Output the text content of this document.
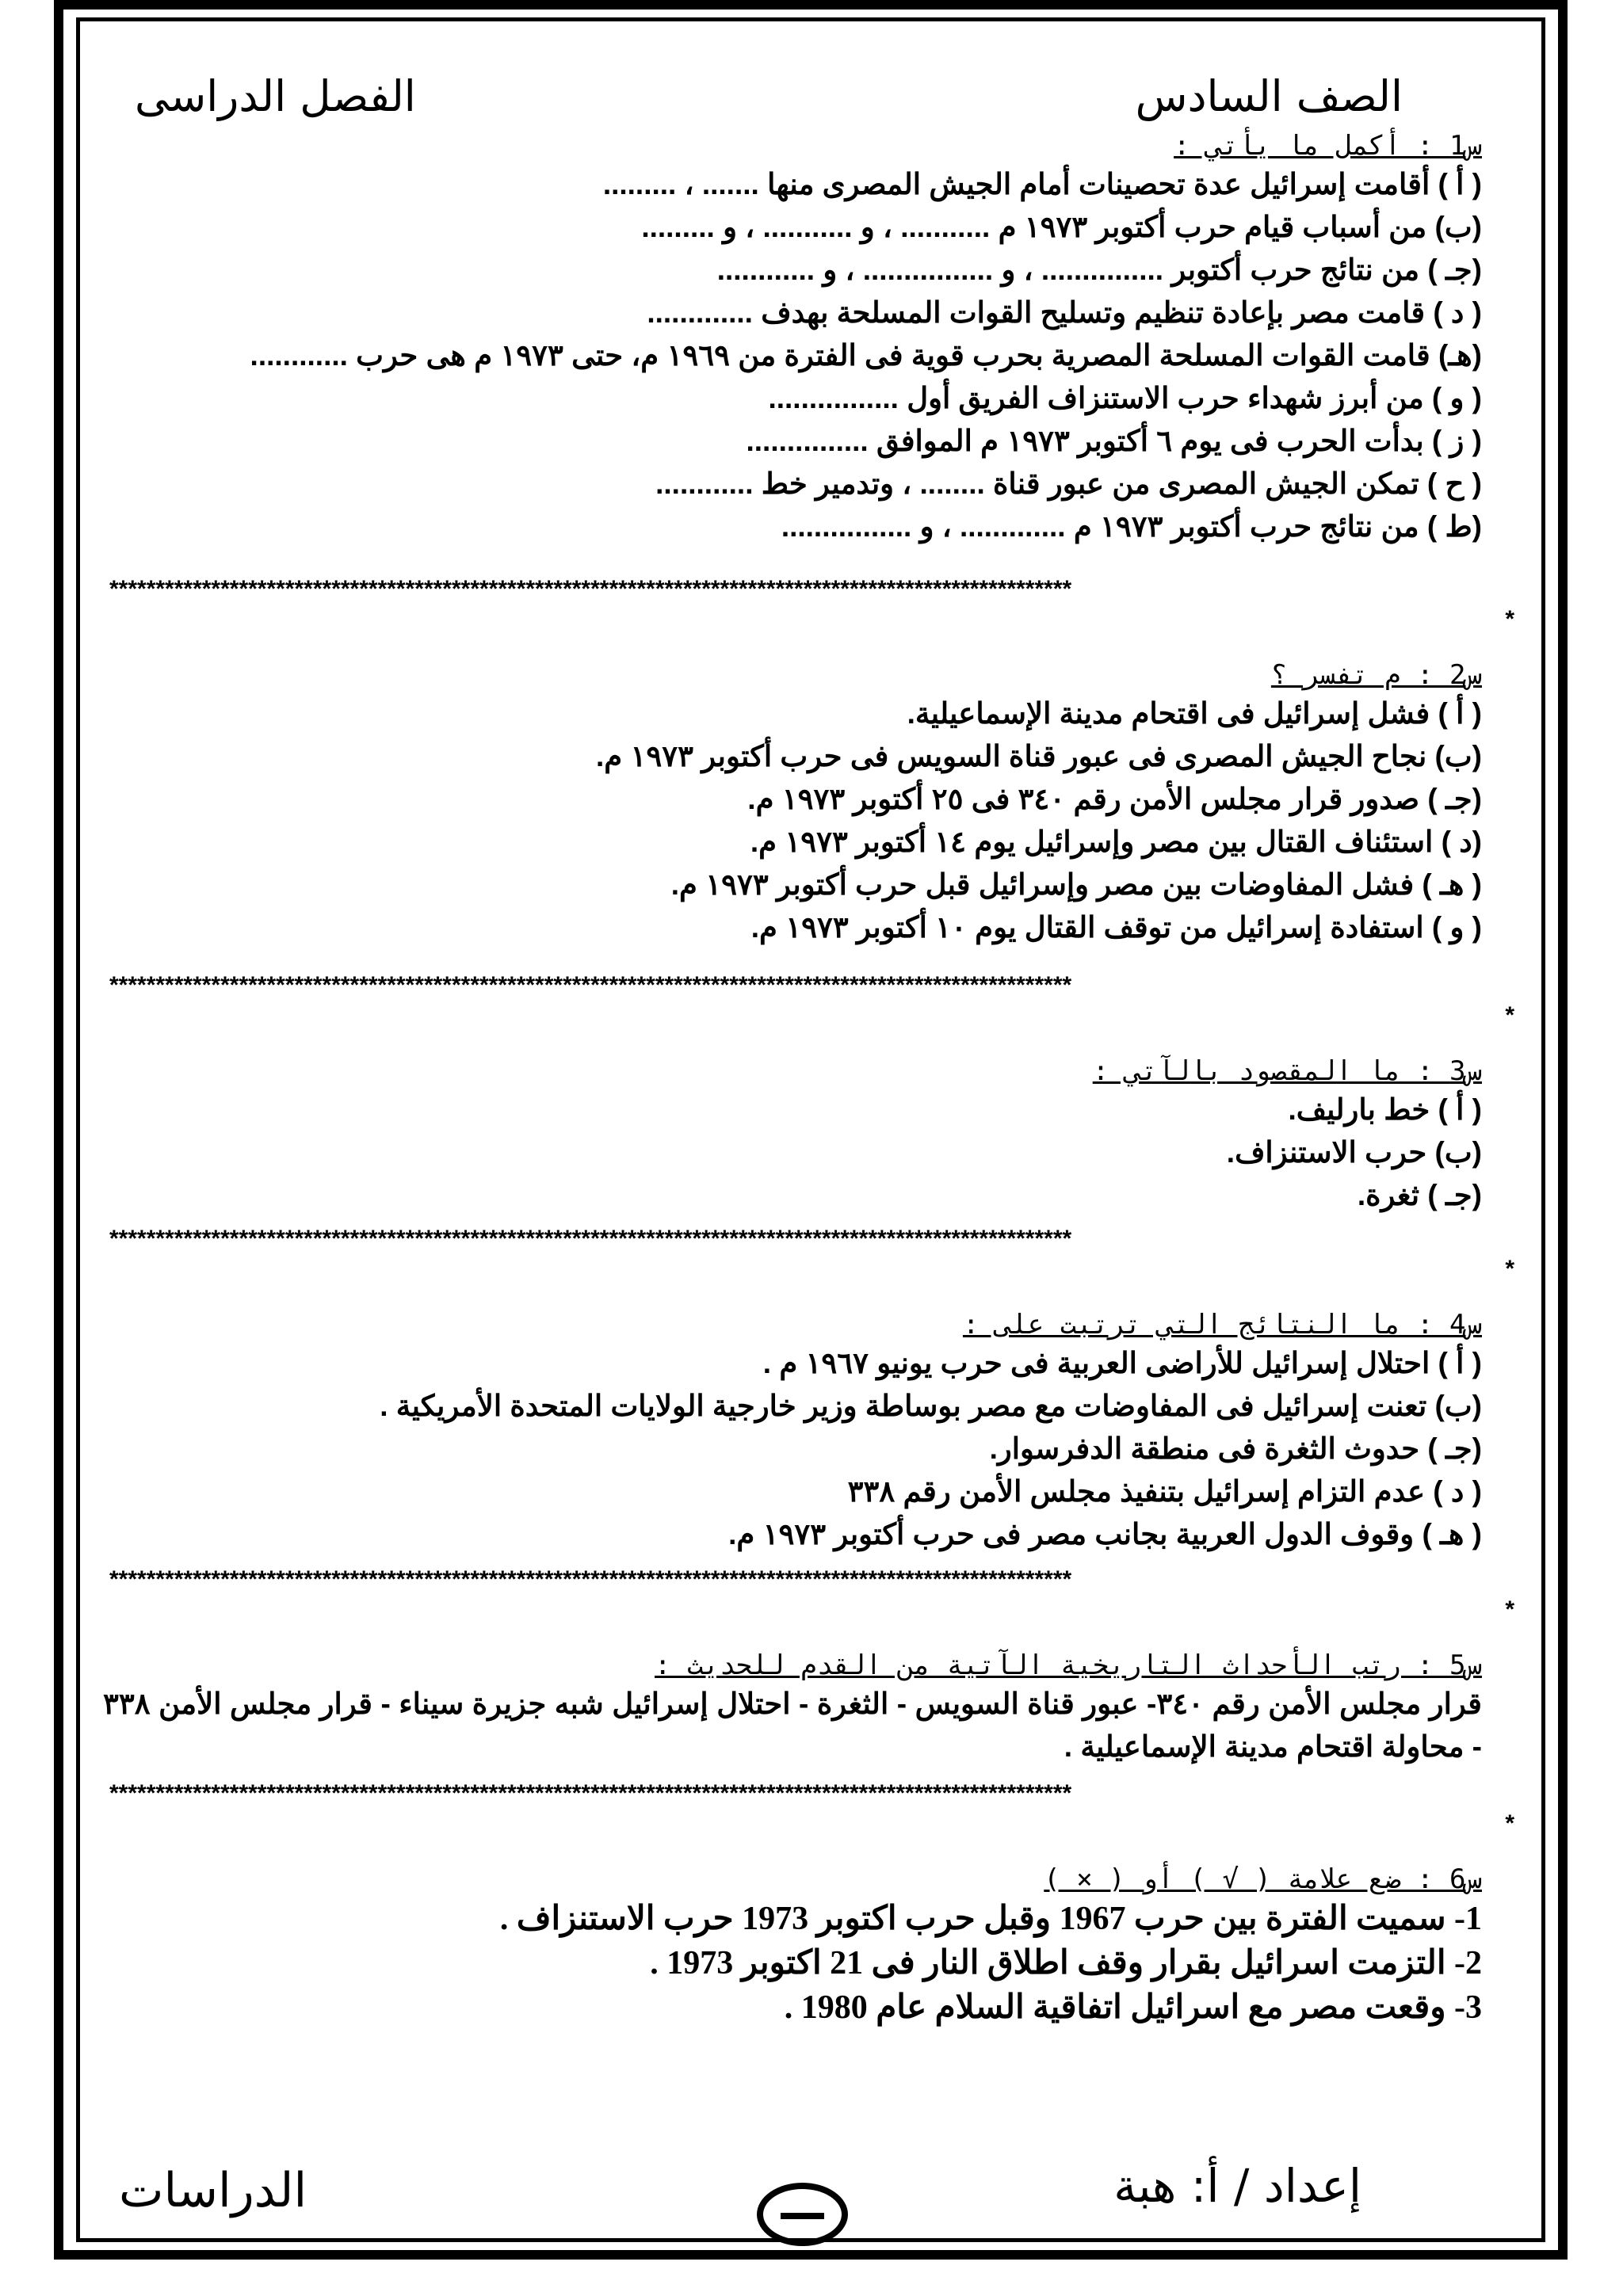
الصف السادس
الفصل الدراسى

س1 : أكمل ما يأتي :

( أ ) أقامت إسرائيل عدة تحصينات أمام الجيش المصرى منها ....... ، .........

(ب) من أسباب قيام حرب أكتوبر ١٩٧٣ م ........... ، و ........... ، و .........

(جـ ) من نتائج حرب أكتوبر ............... ، و ................ ، و ............

( د ) قامت مصر بإعادة تنظيم وتسليح القوات المسلحة بهدف .............

(هـ) قامت القوات المسلحة المصرية بحرب قوية فى الفترة من ١٩٦٩ م، حتى ١٩٧٣ م هى حرب ............

( و ) من أبرز شهداء حرب الاستنزاف الفريق أول ................

( ز ) بدأت الحرب فى يوم ٦ أكتوبر ١٩٧٣ م الموافق ...............

( ح ) تمكن الجيش المصرى من عبور قناة ........ ، وتدمير خط ............

(ط ) من نتائج حرب أكتوبر ١٩٧٣ م ............. ، و ................

********************************************************************************************************
*

س2 : م تفسر ؟

( أ ) فشل إسرائيل فى اقتحام مدينة الإسماعيلية.

(ب) نجاح الجيش المصرى فى عبور قناة السويس فى حرب أكتوبر ١٩٧٣ م.

(جـ ) صدور قرار مجلس الأمن رقم ٣٤٠ فى ٢٥ أكتوبر ١٩٧٣ م.

(د ) استئناف القتال بين مصر وإسرائيل يوم ١٤ أكتوبر ١٩٧٣ م.

( هـ ) فشل المفاوضات بين مصر وإسرائيل قبل حرب أكتوبر ١٩٧٣ م.

( و ) استفادة إسرائيل من توقف القتال يوم ١٠ أكتوبر ١٩٧٣ م.

********************************************************************************************************
*

س3 : ما المقصود بالآتي :

( أ ) خط بارليف.

(ب) حرب الاستنزاف.

(جـ ) ثغرة.

********************************************************************************************************
*

س4 : ما النتائج التي ترتبت على :

( أ ) احتلال إسرائيل للأراضى العربية فى حرب يونيو ١٩٦٧ م .

(ب) تعنت إسرائيل فى المفاوضات مع مصر بوساطة وزير خارجية الولايات المتحدة الأمريكية .

(جـ ) حدوث الثغرة فى منطقة الدفرسوار.

( د ) عدم التزام إسرائيل بتنفيذ مجلس الأمن رقم ٣٣٨

( هـ ) وقوف الدول العربية بجانب مصر فى حرب أكتوبر ١٩٧٣ م.

********************************************************************************************************
*

س5 : رتب الأحداث التاريخية الآتية من القدم للحديث :

قرار مجلس الأمن رقم ٣٤٠- عبور قناة السويس - الثغرة - احتلال إسرائيل شبه جزيرة سيناء - قرار مجلس الأمن ٣٣٨ - محاولة اقتحام مدينة الإسماعيلية .

********************************************************************************************************
*

س6 : ضع علامة ( √ ) أو ( × )

1- سميت الفترة بين حرب 1967 وقبل حرب اكتوبر 1973 حرب الاستنزاف .

2- التزمت اسرائيل بقرار وقف اطلاق النار فى 21 اكتوبر 1973 .

3- وقعت مصر مع اسرائيل اتفاقية السلام عام 1980 .

إعداد / أ: هبة
الدراسات
